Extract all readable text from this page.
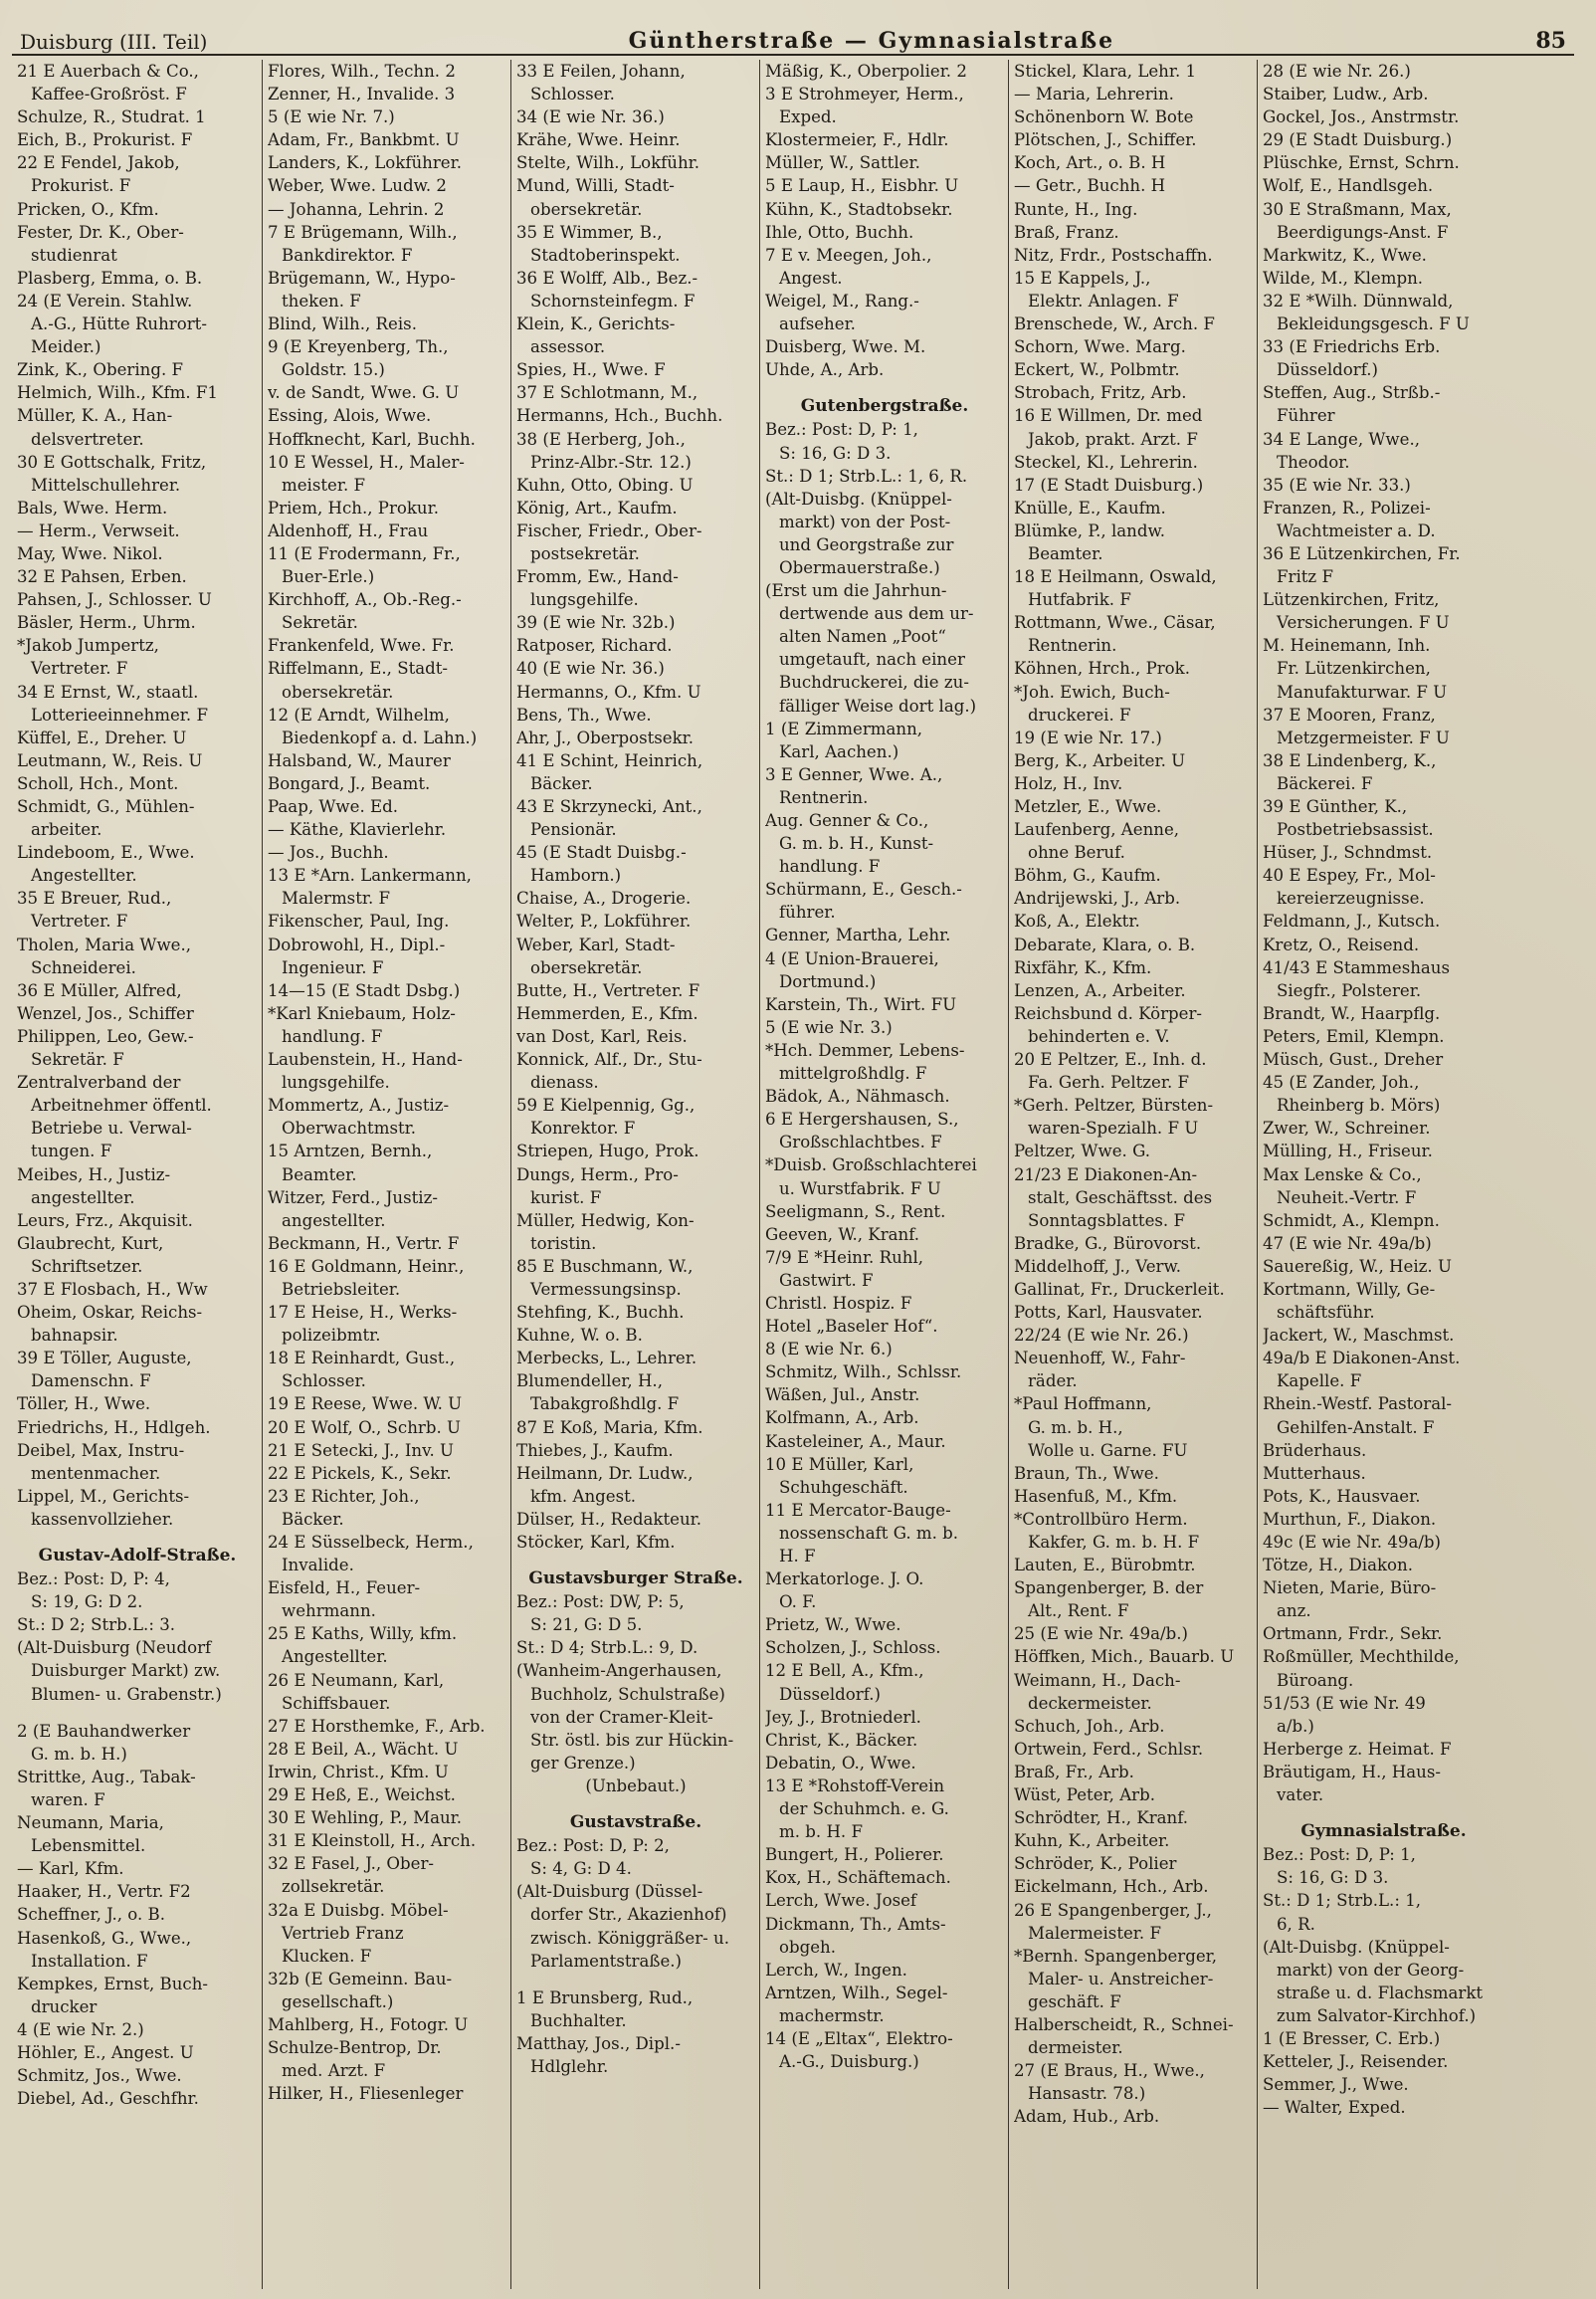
Duisburg (III. Teil)	Güntherstraße — Gymnasialstraße	85
21 E Auerbach & Co.,
Kaffee-Großröst. F
Schulze, R., Studrat. 1
Eich, B., Prokurist. F
22 E Fendel, Jakob,
Prokurist. F
Pricken, O., Kfm.
Fester, Dr. K., Ober-
studienrat
Plasberg, Emma, o. B.
24 (E Verein. Stahlw.
A.-G., Hütte Ruhrort-
Meider.)
Zink, K., Obering. F
Helmich, Wilh., Kfm. F1
Müller, K. A., Han-
delsvertreter.
30 E Gottschalk, Fritz,
Mittelschullehrer.
Bals, Wwe. Herm.
— Herm., Verwseit.
May, Wwe. Nikol.
32 E Pahsen, Erben.
Pahsen, J., Schlosser. U
Bäsler, Herm., Uhrm.
*Jakob Jumpertz,
Vertreter. F
34 E Ernst, W., staatl.
Lotterieeinnehmer. F
Küffel, E., Dreher. U
Leutmann, W., Reis. U
Scholl, Hch., Mont.
Schmidt, G., Mühlen-
arbeiter.
Lindeboom, E., Wwe.
Angestellter.
35 E Breuer, Rud.,
Vertreter. F
Tholen, Maria Wwe.,
Schneiderei.
36 E Müller, Alfred,
Wenzel, Jos., Schiffer
Philippen, Leo, Gew.-
Sekretär. F
Zentralverband der
Arbeitnehmer öffentl.
Betriebe u. Verwal-
tungen. F
Meibes, H., Justiz-
angestellter.
Leurs, Frz., Akquisit.
Glaubrecht, Kurt,
Schriftsetzer.
37 E Flosbach, H., Ww
Oheim, Oskar, Reichs-
bahnapsir.
39 E Töller, Auguste,
Damenschn. F
Töller, H., Wwe.
Friedrichs, H., Hdlgeh.
Deibel, Max, Instru-
mentenmacher.
Lippel, M., Gerichts-
kassenvollzieher.
Gustav-Adolf-Straße.
Bez.: Post: D, P: 4,
S: 19, G: D 2.
St.: D 2; Strb.L.: 3.
(Alt-Duisburg (Neudorf
Duisburger Markt) zw.
Blumen- u. Grabenstr.)
2 (E Bauhandwerker
G. m. b. H.)
Strittke, Aug., Tabak-
waren. F
Neumann, Maria,
Lebensmittel.
— Karl, Kfm.
Haaker, H., Vertr. F2
Scheffner, J., o. B.
Hasenkoß, G., Wwe.,
Installation. F
Kempkes, Ernst, Buch-
drucker
4 (E wie Nr. 2.)
Höhler, E., Angest. U
Schmitz, Jos., Wwe.
Diebel, Ad., Geschfhr.
Flores, Wilh., Techn. 2
Zenner, H., Invalide. 3
5 (E wie Nr. 7.)
Adam, Fr., Bankbmt. U
Landers, K., Lokführer.
Weber, Wwe. Ludw. 2
— Johanna, Lehrin. 2
7 E Brügemann, Wilh.,
Bankdirektor. F
Brügemann, W., Hypo-
theken. F
Blind, Wilh., Reis.
9 (E Kreyenberg, Th.,
Goldstr. 15.)
v. de Sandt, Wwe. G. U
Essing, Alois, Wwe.
Hoffknecht, Karl, Buchh.
10 E Wessel, H., Maler-
meister. F
Priem, Hch., Prokur.
Aldenhoff, H., Frau
11 (E Frodermann, Fr.,
Buer-Erle.)
Kirchhoff, A., Ob.-Reg.-
Sekretär.
Frankenfeld, Wwe. Fr.
Riffelmann, E., Stadt-
obersekretär.
12 (E Arndt, Wilhelm,
Biedenkopf a. d. Lahn.)
Halsband, W., Maurer
Bongard, J., Beamt.
Paap, Wwe. Ed.
— Käthe, Klavierlehr.
— Jos., Buchh.
13 E *Arn. Lankermann,
Malermstr. F
Fikenscher, Paul, Ing.
Dobrowohl, H., Dipl.-
Ingenieur. F
14—15 (E Stadt Dsbg.)
*Karl Kniebaum, Holz-
handlung. F
Laubenstein, H., Hand-
lungsgehilfe.
Mommertz, A., Justiz-
Oberwachtmstr.
15 Arntzen, Bernh.,
Beamter.
Witzer, Ferd., Justiz-
angestellter.
Beckmann, H., Vertr. F
16 E Goldmann, Heinr.,
Betriebsleiter.
17 E Heise, H., Werks-
polizeibmtr.
18 E Reinhardt, Gust.,
Schlosser.
19 E Reese, Wwe. W. U
20 E Wolf, O., Schrb. U
21 E Setecki, J., Inv. U
22 E Pickels, K., Sekr.
23 E Richter, Joh.,
Bäcker.
24 E Süsselbeck, Herm.,
Invalide.
Eisfeld, H., Feuer-
wehrmann.
25 E Kaths, Willy, kfm.
Angestellter.
26 E Neumann, Karl,
Schiffsbauer.
27 E Horsthemke, F., Arb.
28 E Beil, A., Wächt. U
Irwin, Christ., Kfm. U
29 E Heß, E., Weichst.
30 E Wehling, P., Maur.
31 E Kleinstoll, H., Arch.
32 E Fasel, J., Ober-
zollsekretär.
32a E Duisbg. Möbel-
Vertrieb Franz
Klucken. F
32b (E Gemeinn. Bau-
gesellschaft.)
Mahlberg, H., Fotogr. U
Schulze-Bentrop, Dr.
med. Arzt. F
Hilker, H., Fliesenleger
33 E Feilen, Johann,
Schlosser.
34 (E wie Nr. 36.)
Krähe, Wwe. Heinr.
Stelte, Wilh., Lokführ.
Mund, Willi, Stadt-
obersekretär.
35 E Wimmer, B.,
Stadtoberinspekt.
36 E Wolff, Alb., Bez.-
Schornsteinfegm. F
Klein, K., Gerichts-
assessor.
Spies, H., Wwe. F
37 E Schlotmann, M.,
Hermanns, Hch., Buchh.
38 (E Herberg, Joh.,
Prinz-Albr.-Str. 12.)
Kuhn, Otto, Obing. U
König, Art., Kaufm.
Fischer, Friedr., Ober-
postsekretär.
Fromm, Ew., Hand-
lungsgehilfe.
39 (E wie Nr. 32b.)
Ratposer, Richard.
40 (E wie Nr. 36.)
Hermanns, O., Kfm. U
Bens, Th., Wwe.
Ahr, J., Oberpostsekr.
41 E Schint, Heinrich,
Bäcker.
43 E Skrzynecki, Ant.,
Pensionär.
45 (E Stadt Duisbg.-
Hamborn.)
Chaise, A., Drogerie.
Welter, P., Lokführer.
Weber, Karl, Stadt-
obersekretär.
Butte, H., Vertreter. F
Hemmerden, E., Kfm.
van Dost, Karl, Reis.
Konnick, Alf., Dr., Stu-
dienass.
59 E Kielpennig, Gg.,
Konrektor. F
Striepen, Hugo, Prok.
Dungs, Herm., Pro-
kurist. F
Müller, Hedwig, Kon-
toristin.
85 E Buschmann, W.,
Vermessungsinsp.
Stehfing, K., Buchh.
Kuhne, W. o. B.
Merbecks, L., Lehrer.
Blumendeller, H.,
Tabakgroßhdlg. F
87 E Koß, Maria, Kfm.
Thiebes, J., Kaufm.
Heilmann, Dr. Ludw.,
kfm. Angest.
Dülser, H., Redakteur.
Stöcker, Karl, Kfm.
Gustavsburger Straße.
Bez.: Post: DW, P: 5,
S: 21, G: D 5.
St.: D 4; Strb.L.: 9, D.
(Wanheim-Angerhausen,
Buchholz, Schulstraße)
von der Cramer-Kleit-
Str. östl. bis zur Hückin-
ger Grenze.)
(Unbebaut.)
Gustavstraße.
Bez.: Post: D, P: 2,
S: 4, G: D 4.
(Alt-Duisburg (Düssel-
dorfer Str., Akazienhof)
zwisch. Königgräßer- u.
Parlamentstraße.)
1 E Brunsberg, Rud.,
Buchhalter.
Matthay, Jos., Dipl.-
Hdlglehr.
Mäßig, K., Oberpolier. 2
3 E Strohmeyer, Herm.,
Exped.
Klostermeier, F., Hdlr.
Müller, W., Sattler.
5 E Laup, H., Eisbhr. U
Kühn, K., Stadtobsekr.
Ihle, Otto, Buchh.
7 E v. Meegen, Joh.,
Angest.
Weigel, M., Rang.-
aufseher.
Duisberg, Wwe. M.
Uhde, A., Arb.
Gutenbergstraße.
Bez.: Post: D, P: 1,
S: 16, G: D 3.
St.: D 1; Strb.L.: 1, 6, R.
(Alt-Duisbg. (Knüppel-
markt) von der Post-
und Georgstraße zur
Obermauerstraße.)
(Erst um die Jahrhun-
dertwende aus dem ur-
alten Namen „Poot“
umgetauft, nach einer
Buchdruckerei, die zu-
fälliger Weise dort lag.)
1 (E Zimmermann,
Karl, Aachen.)
3 E Genner, Wwe. A.,
Rentnerin.
Aug. Genner & Co.,
G. m. b. H., Kunst-
handlung. F
Schürmann, E., Gesch.-
führer.
Genner, Martha, Lehr.
4 (E Union-Brauerei,
Dortmund.)
Karstein, Th., Wirt. FU
5 (E wie Nr. 3.)
*Hch. Demmer, Lebens-
mittelgroßhdlg. F
Bädok, A., Nähmasch.
6 E Hergershausen, S.,
Großschlachtbes. F
*Duisb. Großschlachterei
u. Wurstfabrik. F U
Seeligmann, S., Rent.
Geeven, W., Kranf.
7/9 E *Heinr. Ruhl,
Gastwirt. F
Christl. Hospiz. F
Hotel „Baseler Hof“.
8 (E wie Nr. 6.)
Schmitz, Wilh., Schlssr.
Wäßen, Jul., Anstr.
Kolfmann, A., Arb.
Kasteleiner, A., Maur.
10 E Müller, Karl,
Schuhgeschäft.
11 E Mercator-Bauge-
nossenschaft G. m. b.
H. F
Merkatorloge. J. O.
O. F.
Prietz, W., Wwe.
Scholzen, J., Schloss.
12 E Bell, A., Kfm.,
Düsseldorf.)
Jey, J., Brotniederl.
Christ, K., Bäcker.
Debatin, O., Wwe.
13 E *Rohstoff-Verein
der Schuhmch. e. G.
m. b. H. F
Bungert, H., Polierer.
Kox, H., Schäftemach.
Lerch, Wwe. Josef
Dickmann, Th., Amts-
obgeh.
Lerch, W., Ingen.
Arntzen, Wilh., Segel-
machermstr.
14 (E „Eltax“, Elektro-
A.-G., Duisburg.)
Stickel, Klara, Lehr. 1
— Maria, Lehrerin.
Schönenborn W. Bote
Plötschen, J., Schiffer.
Koch, Art., o. B. H
— Getr., Buchh. H
Runte, H., Ing.
Braß, Franz.
Nitz, Frdr., Postschaffn.
15 E Kappels, J.,
Elektr. Anlagen. F
Brenschede, W., Arch. F
Schorn, Wwe. Marg.
Eckert, W., Polbmtr.
Strobach, Fritz, Arb.
16 E Willmen, Dr. med
Jakob, prakt. Arzt. F
Steckel, Kl., Lehrerin.
17 (E Stadt Duisburg.)
Knülle, E., Kaufm.
Blümke, P., landw.
Beamter.
18 E Heilmann, Oswald,
Hutfabrik. F
Rottmann, Wwe., Cäsar,
Rentnerin.
Köhnen, Hrch., Prok.
*Joh. Ewich, Buch-
druckerei. F
19 (E wie Nr. 17.)
Berg, K., Arbeiter. U
Holz, H., Inv.
Metzler, E., Wwe.
Laufenberg, Aenne,
ohne Beruf.
Böhm, G., Kaufm.
Andrijewski, J., Arb.
Koß, A., Elektr.
Debarate, Klara, o. B.
Rixfähr, K., Kfm.
Lenzen, A., Arbeiter.
Reichsbund d. Körper-
behinderten e. V.
20 E Peltzer, E., Inh. d.
Fa. Gerh. Peltzer. F
*Gerh. Peltzer, Bürsten-
waren-Spezialh. F U
Peltzer, Wwe. G.
21/23 E Diakonen-An-
stalt, Geschäftsst. des
Sonntagsblattes. F
Bradke, G., Bürovorst.
Middelhoff, J., Verw.
Gallinat, Fr., Druckerleit.
Potts, Karl, Hausvater.
22/24 (E wie Nr. 26.)
Neuenhoff, W., Fahr-
räder.
*Paul Hoffmann,
G. m. b. H.,
Wolle u. Garne. FU
Braun, Th., Wwe.
Hasenfuß, M., Kfm.
*Controllbüro Herm.
Kakfer, G. m. b. H. F
Lauten, E., Bürobmtr.
Spangenberger, B. der
Alt., Rent. F
25 (E wie Nr. 49a/b.)
Höffken, Mich., Bauarb. U
Weimann, H., Dach-
deckermeister.
Schuch, Joh., Arb.
Ortwein, Ferd., Schlsr.
Braß, Fr., Arb.
Wüst, Peter, Arb.
Schrödter, H., Kranf.
Kuhn, K., Arbeiter.
Schröder, K., Polier
Eickelmann, Hch., Arb.
26 E Spangenberger, J.,
Malermeister. F
*Bernh. Spangenberger,
Maler- u. Anstreicher-
geschäft. F
Halberscheidt, R., Schnei-
dermeister.
27 (E Braus, H., Wwe.,
Hansastr. 78.)
Adam, Hub., Arb.
28 (E wie Nr. 26.)
Staiber, Ludw., Arb.
Gockel, Jos., Anstrmstr.
29 (E Stadt Duisburg.)
Plüschke, Ernst, Schrn.
Wolf, E., Handlsgeh.
30 E Straßmann, Max,
Beerdigungs-Anst. F
Markwitz, K., Wwe.
Wilde, M., Klempn.
32 E *Wilh. Dünnwald,
Bekleidungsgesch. F U
33 (E Friedrichs Erb.
Düsseldorf.)
Steffen, Aug., Strßb.-
Führer
34 E Lange, Wwe.,
Theodor.
35 (E wie Nr. 33.)
Franzen, R., Polizei-
Wachtmeister a. D.
36 E Lützenkirchen, Fr.
Fritz F
Lützenkirchen, Fritz,
Versicherungen. F U
M. Heinemann, Inh.
Fr. Lützenkirchen,
Manufakturwar. F U
37 E Mooren, Franz,
Metzgermeister. F U
38 E Lindenberg, K.,
Bäckerei. F
39 E Günther, K.,
Postbetriebsassist.
Hüser, J., Schndmst.
40 E Espey, Fr., Mol-
kereierzeugnisse.
Feldmann, J., Kutsch.
Kretz, O., Reisend.
41/43 E Stammeshaus
Siegfr., Polsterer.
Brandt, W., Haarpflg.
Peters, Emil, Klempn.
Müsch, Gust., Dreher
45 (E Zander, Joh.,
Rheinberg b. Mörs)
Zwer, W., Schreiner.
Mülling, H., Friseur.
Max Lenske & Co.,
Neuheit.-Vertr. F
Schmidt, A., Klempn.
47 (E wie Nr. 49a/b)
Sauereßig, W., Heiz. U
Kortmann, Willy, Ge-
schäftsführ.
Jackert, W., Maschmst.
49a/b E Diakonen-Anst.
Kapelle. F
Rhein.-Westf. Pastoral-
Gehilfen-Anstalt. F
Brüderhaus.
Mutterhaus.
Pots, K., Hausvaer.
Murthun, F., Diakon.
49c (E wie Nr. 49a/b)
Tötze, H., Diakon.
Nieten, Marie, Büro-
anz.
Ortmann, Frdr., Sekr.
Roßmüller, Mechthilde,
Büroang.
51/53 (E wie Nr. 49
a/b.)
Herberge z. Heimat. F
Bräutigam, H., Haus-
vater.
Gymnasialstraße.
Bez.: Post: D, P: 1,
S: 16, G: D 3.
St.: D 1; Strb.L.: 1,
6, R.
(Alt-Duisbg. (Knüppel-
markt) von der Georg-
straße u. d. Flachsmarkt
zum Salvator-Kirchhof.)
1 (E Bresser, C. Erb.)
Ketteler, J., Reisender.
Semmer, J., Wwe.
— Walter, Exped.
